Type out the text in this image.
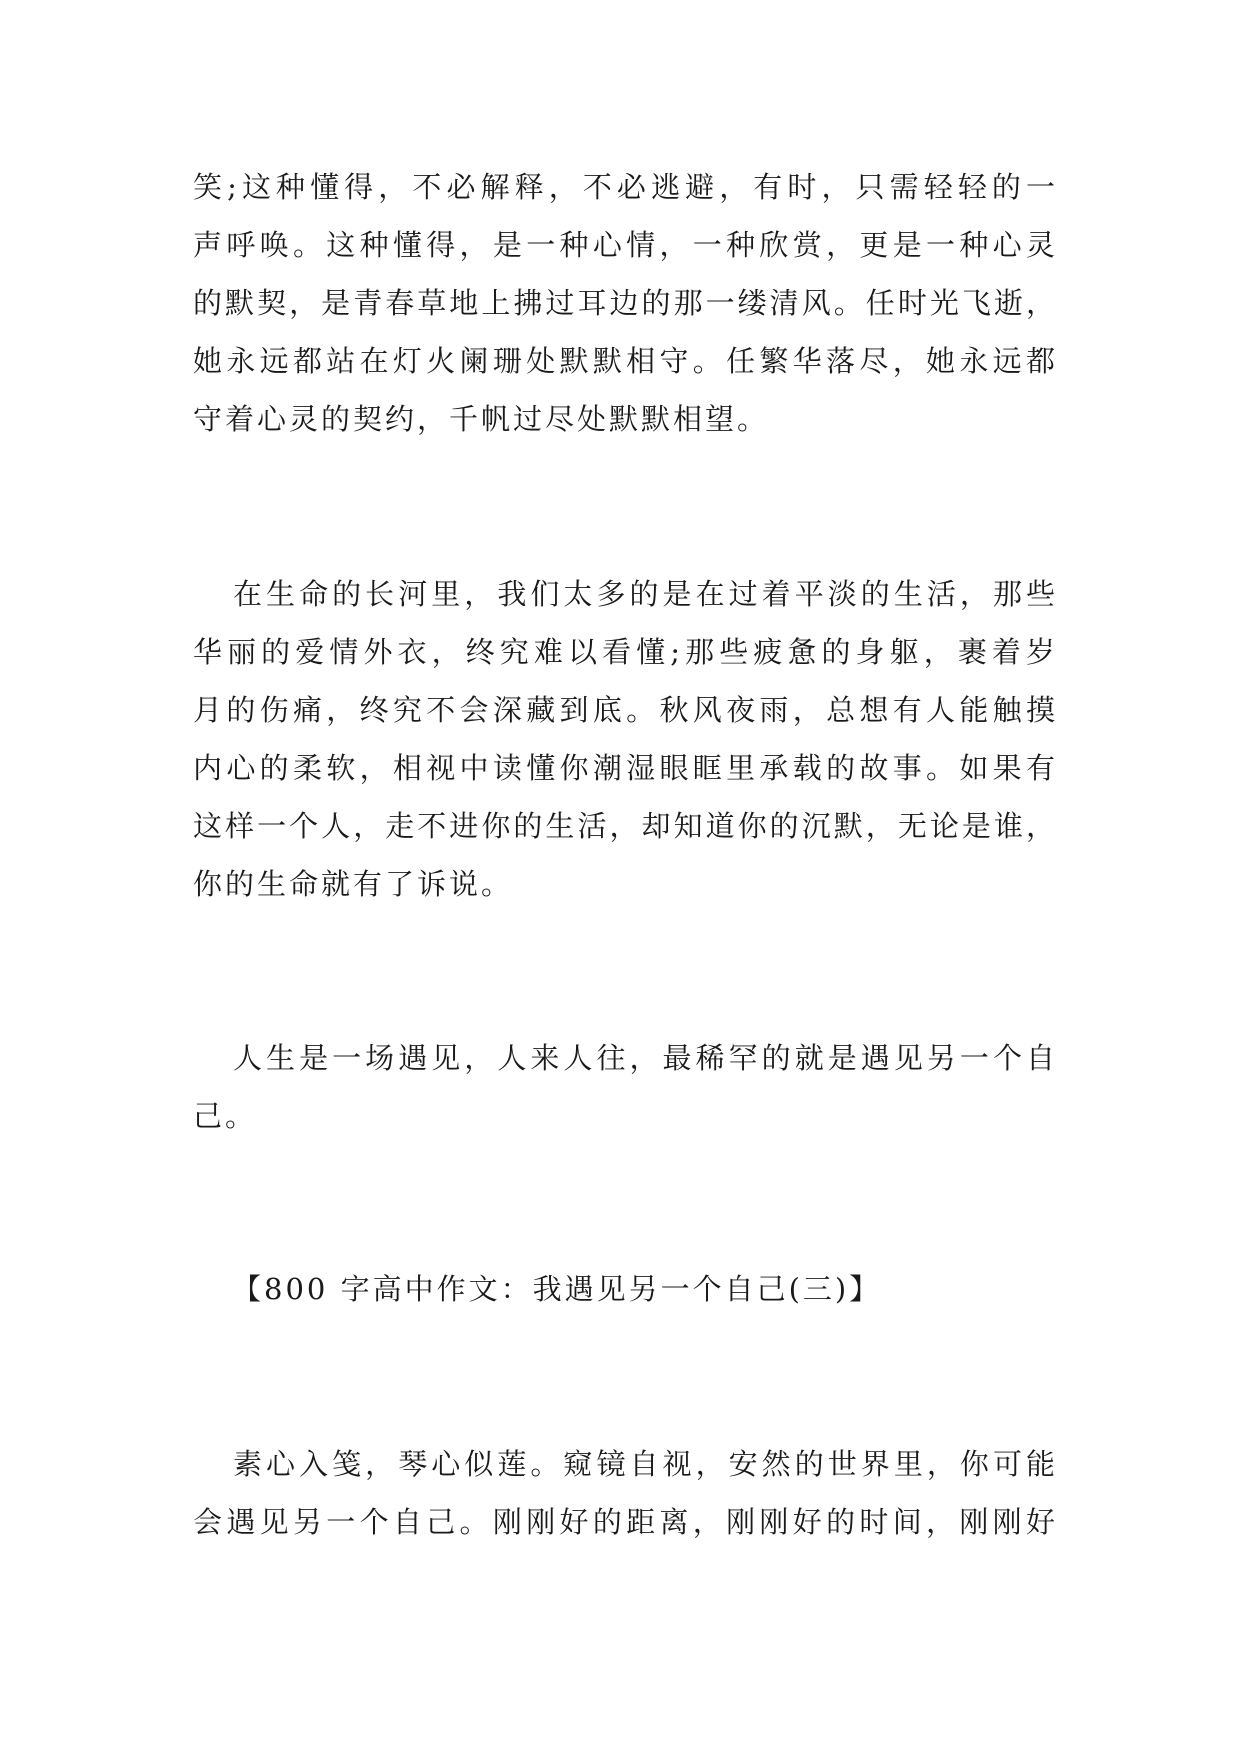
笑;这种懂得，不必解释，不必逃避，有时，只需轻轻的一
声呼唤。这种懂得，是一种心情，一种欣赏，更是一种心灵
的默契，是青春草地上拂过耳边的那一缕清风。任时光飞逝，
她永远都站在灯火阑珊处默默相守。任繁华落尽，她永远都
守着心灵的契约，千帆过尽处默默相望。
在生命的长河里，我们太多的是在过着平淡的生活，那些
华丽的爱情外衣，终究难以看懂;那些疲惫的身躯，裹着岁
月的伤痛，终究不会深藏到底。秋风夜雨，总想有人能触摸
内心的柔软，相视中读懂你潮湿眼眶里承载的故事。如果有
这样一个人，走不进你的生活，却知道你的沉默，无论是谁，
你的生命就有了诉说。
人生是一场遇见，人来人往，最稀罕的就是遇见另一个自
己。
【800 字高中作文：我遇见另一个自己(三)】
素心入笺，琴心似莲。窥镜自视，安然的世界里，你可能
会遇见另一个自己。刚刚好的距离，刚刚好的时间，刚刚好
